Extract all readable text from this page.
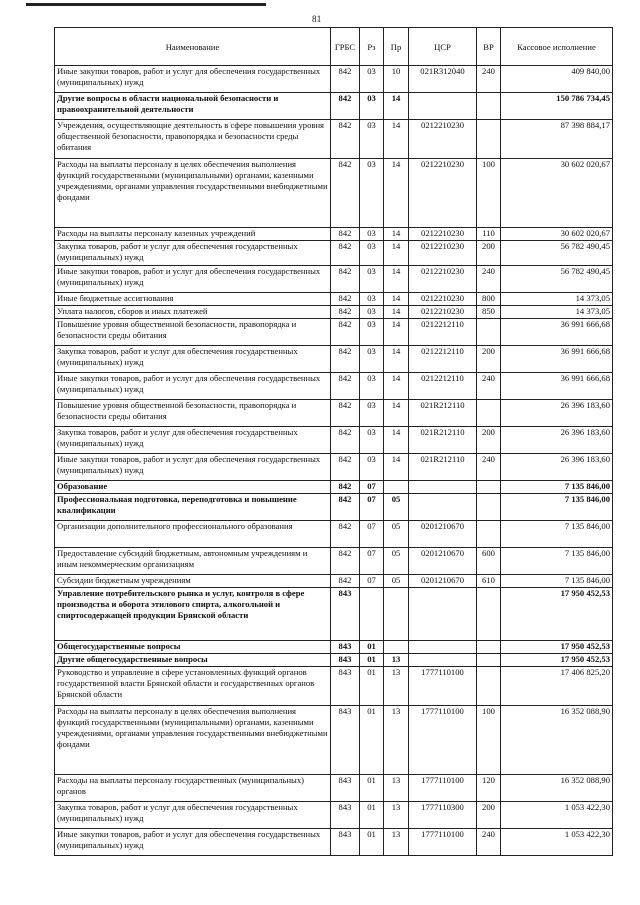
81
Наименование	ГРБС	Рз	Пр	ЦСР	ВР	Кассовое исполнение
Иные закупки товаров, работ и услуг для обеспечения государственных (муниципальных) нужд	842	03	10	021R312040	240	409 840,00
Другие вопросы в области национальной безопасности и правоохранительной деятельности	842	03	14			150 786 734,45
Учреждения, осуществляющие деятельность в сфере повышения уровня общественной безопасности, правопорядка и безопасности среды обитания	842	03	14	0212210230		87 398 884,17
Расходы на выплаты персоналу в целях обеспечения выполнения функций государственными (муниципальными) органами, казенными учреждениями, органами управления государственными внебюджетными фондами	842	03	14	0212210230	100	30 602 020,67
Расходы на выплаты персоналу казенных учреждений	842	03	14	0212210230	110	30 602 020,67
Закупка товаров, работ и услуг для обеспечения государственных (муниципальных) нужд	842	03	14	0212210230	200	56 782 490,45
Иные закупки товаров, работ и услуг для обеспечения государственных (муниципальных) нужд	842	03	14	0212210230	240	56 782 490,45
Иные бюджетные ассигнования	842	03	14	0212210230	800	14 373,05
Уплата налогов, сборов и иных платежей	842	03	14	0212210230	850	14 373,05
Повышение уровня общественной безопасности, правопорядка и безопасности среды обитания	842	03	14	0212212110		36 991 666,68
Закупка товаров, работ и услуг для обеспечения государственных (муниципальных) нужд	842	03	14	0212212110	200	36 991 666,68
Иные закупки товаров, работ и услуг для обеспечения государственных (муниципальных) нужд	842	03	14	0212212110	240	36 991 666,68
Повышение уровня общественной безопасности, правопорядка и безопасности среды обитания	842	03	14	021R212110		26 396 183,60
Закупка товаров, работ и услуг для обеспечения государственных (муниципальных) нужд	842	03	14	021R212110	200	26 396 183,60
Иные закупки товаров, работ и услуг для обеспечения государственных (муниципальных) нужд	842	03	14	021R212110	240	26 396 183,60
Образование	842	07				7 135 846,00
Профессиональная подготовка, переподготовка и повышение квалификации	842	07	05			7 135 846,00
Организации дополнительного профессионального образования	842	07	05	0201210670		7 135 846,00
Предоставление субсидий бюджетным, автономным учреждениям и иным некоммерческим организациям	842	07	05	0201210670	600	7 135 846,00
Субсидии бюджетным учреждениям	842	07	05	0201210670	610	7 135 846,00
Управление потребительского рынка и услуг, контроля в сфере производства и оборота этилового спирта, алкогольной и спиртосодержащей продукции Брянской области	843					17 950 452,53
Общегосударственные вопросы	843	01				17 950 452,53
Другие общегосударственные вопросы	843	01	13			17 950 452,53
Руководство и управление в сфере установленных функций органов государственной власти Брянской области и государственных органов Брянской области	843	01	13	1777110100		17 406 825,20
Расходы на выплаты персоналу в целях обеспечения выполнения функций государственными (муниципальными) органами, казенными учреждениями, органами управления государственными внебюджетными фондами	843	01	13	1777110100	100	16 352 088,90
Расходы на выплаты персоналу государственных (муниципальных) органов	843	01	13	1777110100	120	16 352 088,90
Закупка товаров, работ и услуг для обеспечения государственных (муниципальных) нужд	843	01	13	1777110300	200	1 053 422,30
Иные закупки товаров, работ и услуг для обеспечения государственных (муниципальных) нужд	843	01	13	1777110100	240	1 053 422,30
